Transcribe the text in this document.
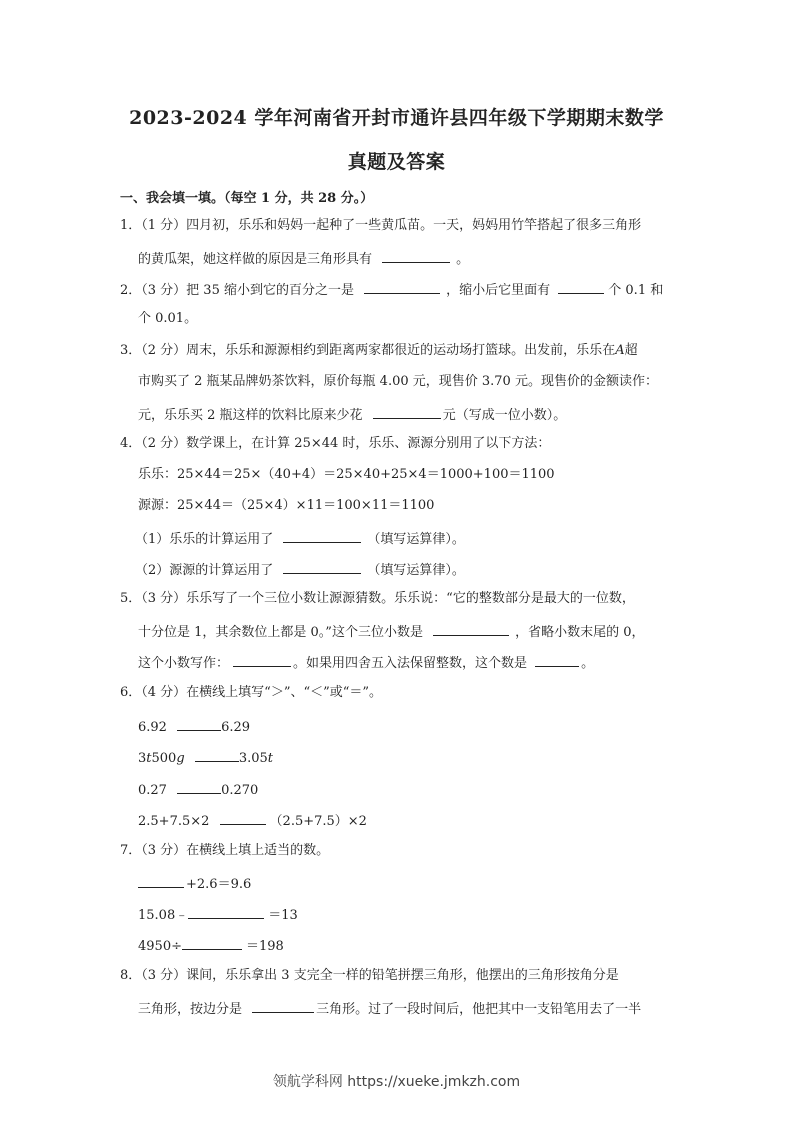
2023-2024 学年河南省开封市通许县四年级下学期期末数学
真题及答案
一、我会填一填。（每空 1 分，共 28 分。）
1．（1 分）四月初，乐乐和妈妈一起种了一些黄瓜苗。一天，妈妈用竹竿搭起了很多三角形
的黄瓜架，她这样做的原因是三角形具有	。
2．（3 分）把 35 缩小到它的百分之一是	，缩小后它里面有	个 0.1 和
个 0.01。
3．（2 分）周末，乐乐和源源相约到距离两家都很近的运动场打篮球。出发前，乐乐在A超
市购买了 2 瓶某品牌奶茶饮料，原价每瓶 4.00 元，现售价 3.70 元。现售价的金额读作：
元，乐乐买 2 瓶这样的饮料比原来少花	元（写成一位小数）。
4．（2 分）数学课上，在计算 25×44 时，乐乐、源源分别用了以下方法：
乐乐：25×44＝25×（40+4）＝25×40+25×4＝1000+100＝1100
源源：25×44＝（25×4）×11＝100×11＝1100
（1）乐乐的计算运用了	（填写运算律）。
（2）源源的计算运用了	（填写运算律）。
5．（3 分）乐乐写了一个三位小数让源源猜数。乐乐说：“它的整数部分是最大的一位数，
十分位是 1，其余数位上都是 0。”这个三位小数是	，省略小数末尾的 0，
这个小数写作：	。如果用四舍五入法保留整数，这个数是	。
6．（4 分）在横线上填写“＞”、“＜”或“＝”。
6.92	6.29
3t500g	3.05t
0.27	0.270
2.5+7.5×2	（2.5+7.5）×2
7．（3 分）在横线上填上适当的数。
+2.6＝9.6
15.08﹣	＝13
4950÷	＝198
8．（3 分）课间，乐乐拿出 3 支完全一样的铅笔拼摆三角形，他摆出的三角形按角分是
三角形，按边分是	三角形。过了一段时间后，他把其中一支铅笔用去了一半
领航学科网 https://xueke.jmkzh.com
